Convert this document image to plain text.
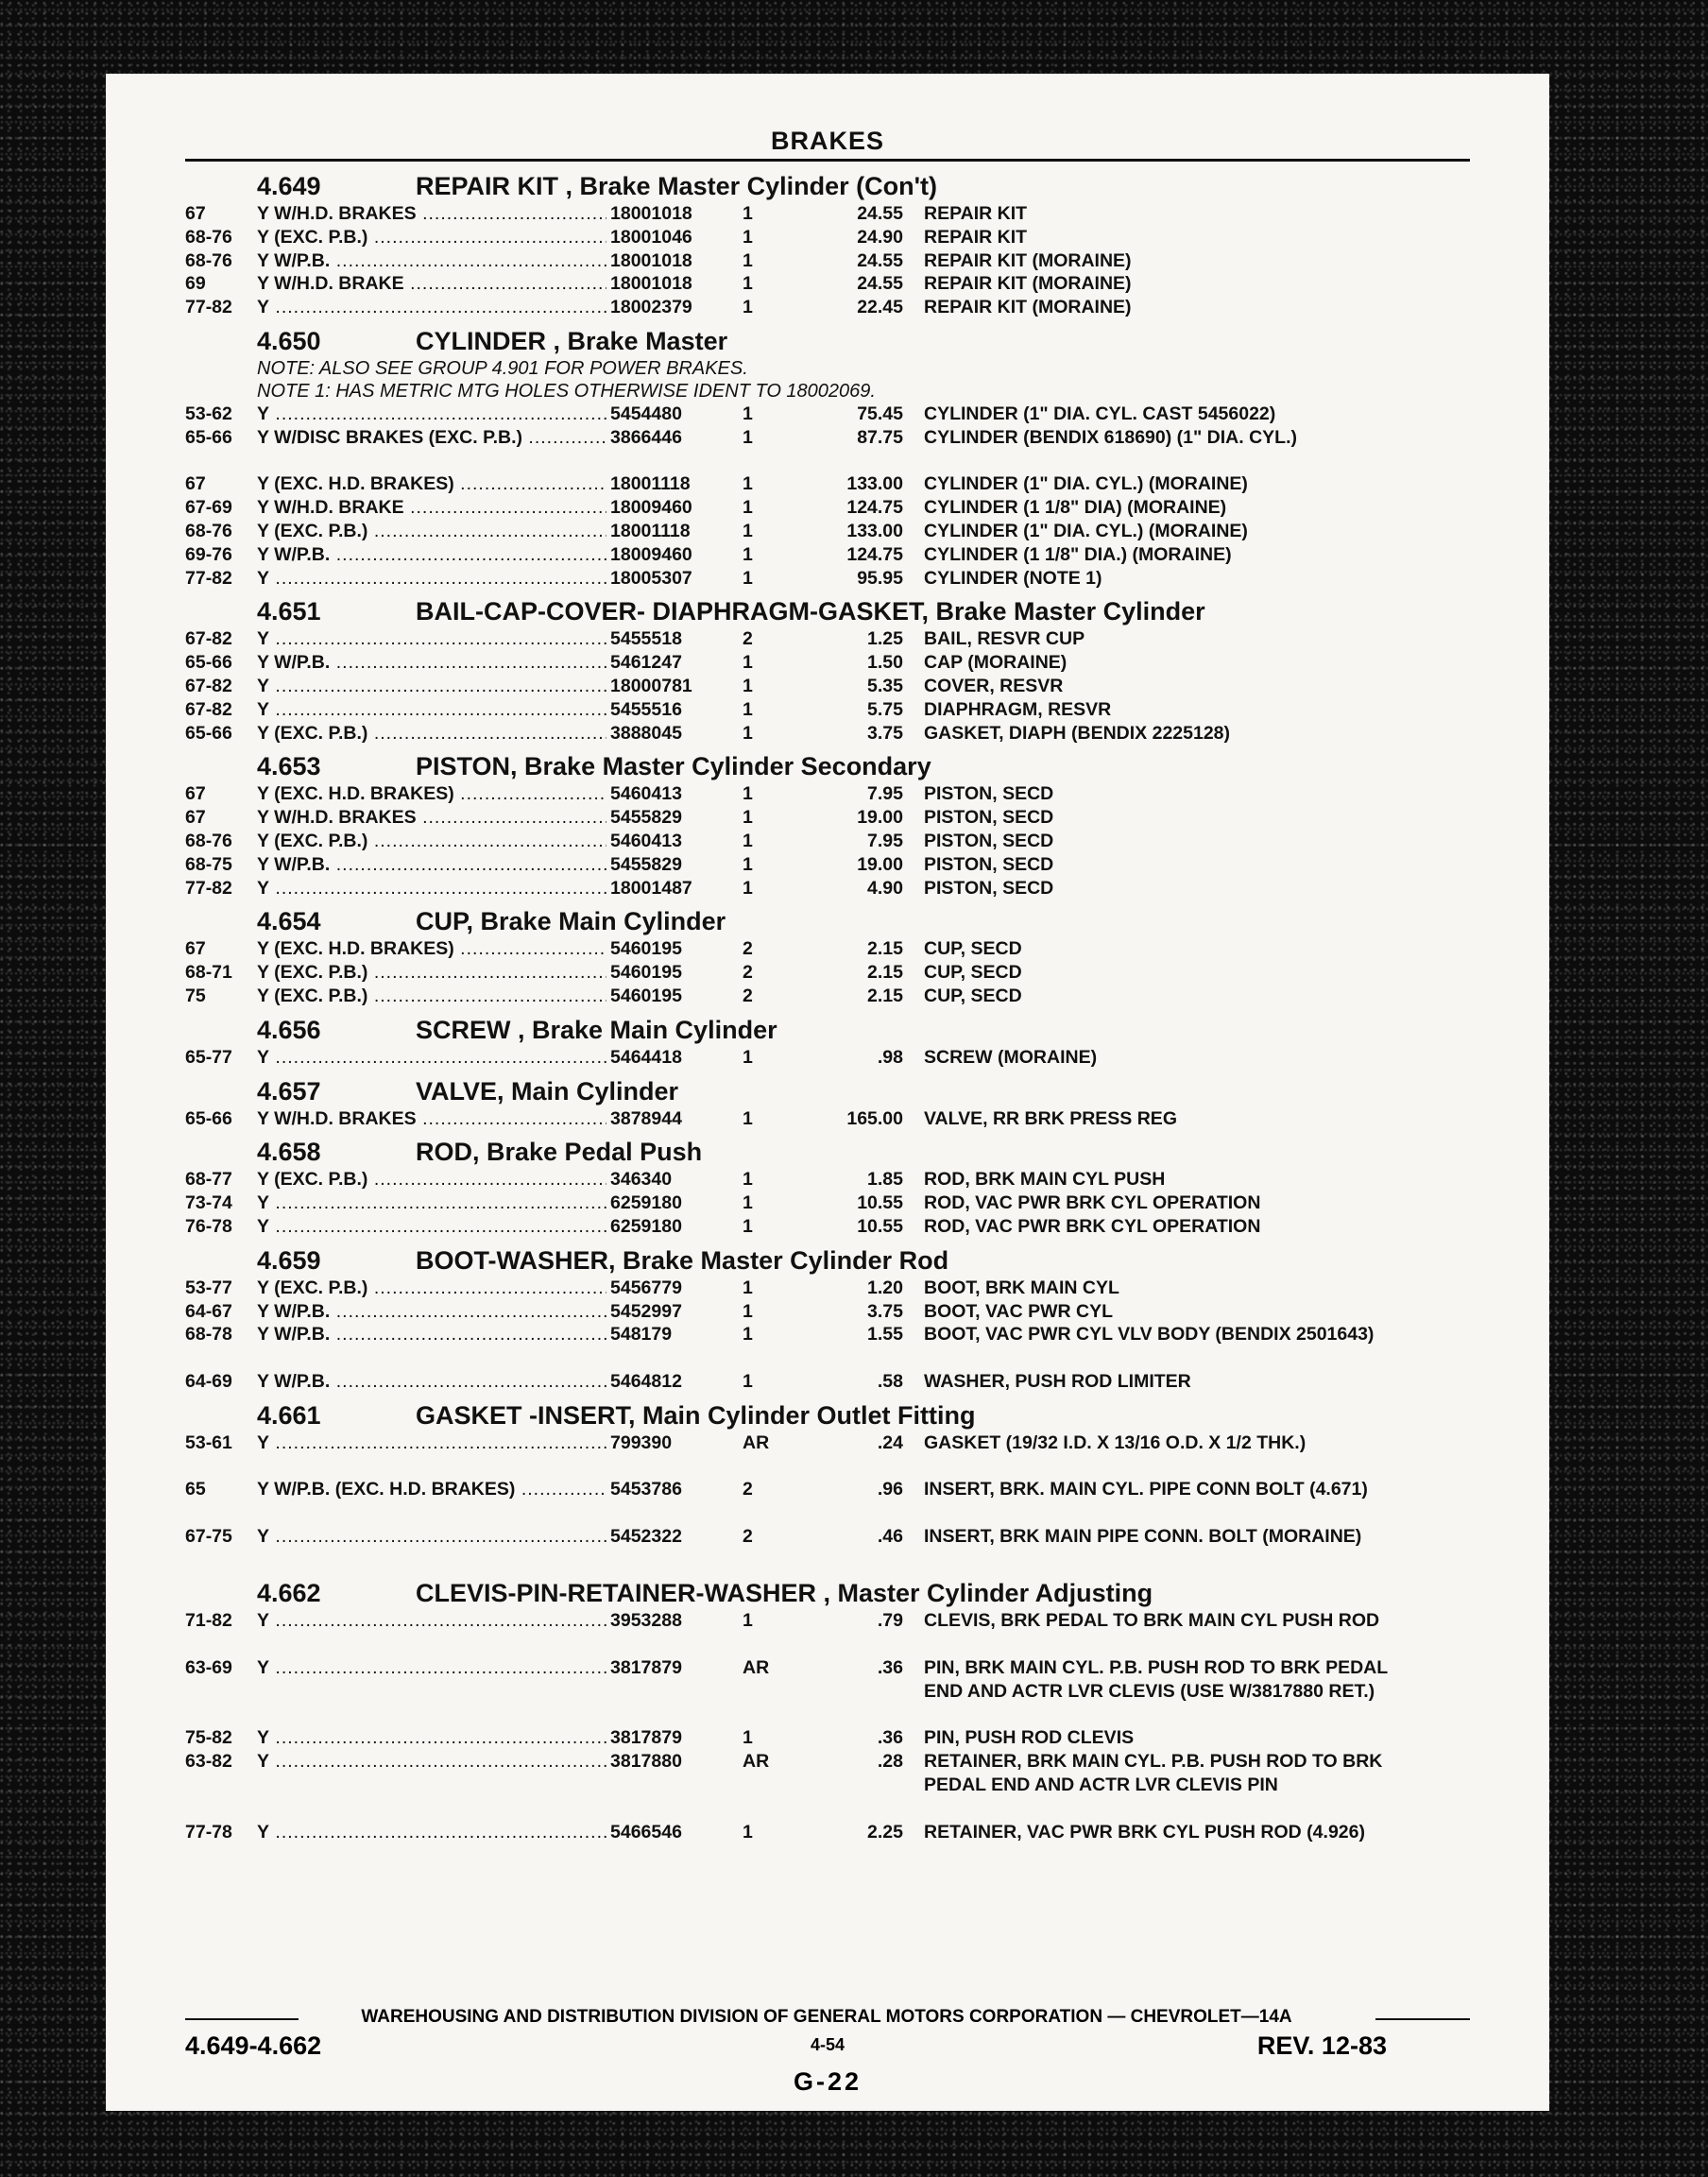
BRAKES
4.649	REPAIR KIT , Brake Master Cylinder (Con't)
67	Y W/H.D. BRAKES .....	18001018	1	24.55 REPAIR KIT
68-76	Y (EXC. P.B.) .....	18001046	1	24.90 REPAIR KIT
68-76	Y W/P.B. .....	18001018	1	24.55 REPAIR KIT (MORAINE)
69	Y W/H.D. BRAKE .....	18001018	1	24.55 REPAIR KIT (MORAINE)
77-82	Y .....	18002379	1	22.45 REPAIR KIT (MORAINE)
4.650	CYLINDER , Brake Master
NOTE: ALSO SEE GROUP 4.901 FOR POWER BRAKES.
NOTE 1: HAS METRIC MTG HOLES OTHERWISE IDENT TO 18002069.
53-62	Y .....	5454480	1	75.45 CYLINDER (1" DIA. CYL. CAST 5456022)
65-66	Y W/DISC BRAKES (EXC. P.B.) .....	3866446	1	87.75 CYLINDER (BENDIX 618690) (1" DIA. CYL.)
67	Y (EXC. H.D. BRAKES) .....	18001118	1	133.00 CYLINDER (1" DIA. CYL.) (MORAINE)
67-69	Y W/H.D. BRAKE .....	18009460	1	124.75 CYLINDER (1 1/8" DIA) (MORAINE)
68-76	Y (EXC. P.B.) .....	18001118	1	133.00 CYLINDER (1" DIA. CYL.) (MORAINE)
69-76	Y W/P.B. .....	18009460	1	124.75 CYLINDER (1 1/8" DIA.) (MORAINE)
77-82	Y .....	18005307	1	95.95 CYLINDER (NOTE 1)
4.651	BAIL-CAP-COVER- DIAPHRAGM-GASKET, Brake Master Cylinder
67-82	Y .....	5455518	2	1.25 BAIL, RESVR CUP
65-66	Y W/P.B. .....	5461247	1	1.50 CAP (MORAINE)
67-82	Y .....	18000781	1	5.35 COVER, RESVR
67-82	Y .....	5455516	1	5.75 DIAPHRAGM, RESVR
65-66	Y (EXC. P.B.) .....	3888045	1	3.75 GASKET, DIAPH (BENDIX 2225128)
4.653	PISTON, Brake Master Cylinder Secondary
67	Y (EXC. H.D. BRAKES) .....	5460413	1	7.95 PISTON, SECD
67	Y W/H.D. BRAKES .....	5455829	1	19.00 PISTON, SECD
68-76	Y (EXC. P.B.) .....	5460413	1	7.95 PISTON, SECD
68-75	Y W/P.B. .....	5455829	1	19.00 PISTON, SECD
77-82	Y .....	18001487	1	4.90 PISTON, SECD
4.654	CUP, Brake Main Cylinder
67	Y (EXC. H.D. BRAKES) .....	5460195	2	2.15 CUP, SECD
68-71	Y (EXC. P.B.) .....	5460195	2	2.15 CUP, SECD
75	Y (EXC. P.B.) .....	5460195	2	2.15 CUP, SECD
4.656	SCREW , Brake Main Cylinder
65-77	Y .....	5464418	1	.98 SCREW (MORAINE)
4.657	VALVE, Main Cylinder
65-66	Y W/H.D. BRAKES .....	3878944	1	165.00 VALVE, RR BRK PRESS REG
4.658	ROD, Brake Pedal Push
68-77	Y (EXC. P.B.) .....	346340	1	1.85 ROD, BRK MAIN CYL PUSH
73-74	Y .....	6259180	1	10.55 ROD, VAC PWR BRK CYL OPERATION
76-78	Y .....	6259180	1	10.55 ROD, VAC PWR BRK CYL OPERATION
4.659	BOOT-WASHER, Brake Master Cylinder Rod
53-77	Y (EXC. P.B.) .....	5456779	1	1.20 BOOT, BRK MAIN CYL
64-67	Y W/P.B. .....	5452997	1	3.75 BOOT, VAC PWR CYL
68-78	Y W/P.B. .....	548179	1	1.55 BOOT, VAC PWR CYL VLV BODY (BENDIX 2501643)
64-69	Y W/P.B. .....	5464812	1	.58 WASHER, PUSH ROD LIMITER
4.661	GASKET -INSERT, Main Cylinder Outlet Fitting
53-61	Y .....	799390	AR	.24 GASKET (19/32 I.D. X 13/16 O.D. X 1/2 THK.)
65	Y W/P.B. (EXC. H.D. BRAKES) .....	5453786	2	.96 INSERT, BRK. MAIN CYL. PIPE CONN BOLT (4.671)
67-75	Y .....	5452322	2	.46 INSERT, BRK MAIN PIPE CONN. BOLT (MORAINE)
4.662	CLEVIS-PIN-RETAINER-WASHER , Master Cylinder Adjusting
71-82	Y .....	3953288	1	.79 CLEVIS, BRK PEDAL TO BRK MAIN CYL PUSH ROD
63-69	Y .....	3817879	AR	.36 PIN, BRK MAIN CYL. P.B. PUSH ROD TO BRK PEDAL END AND ACTR LVR CLEVIS (USE W/3817880 RET.)
75-82	Y .....	3817879	1	.36 PIN, PUSH ROD CLEVIS
63-82	Y .....	3817880	AR	.28 RETAINER, BRK MAIN CYL. P.B. PUSH ROD TO BRK PEDAL END AND ACTR LVR CLEVIS PIN
77-78	Y .....	5466546	1	2.25 RETAINER, VAC PWR BRK CYL PUSH ROD (4.926)
WAREHOUSING AND DISTRIBUTION DIVISION OF GENERAL MOTORS CORPORATION — CHEVROLET—14A
4.649-4.662	4-54	REV. 12-83
G-22
